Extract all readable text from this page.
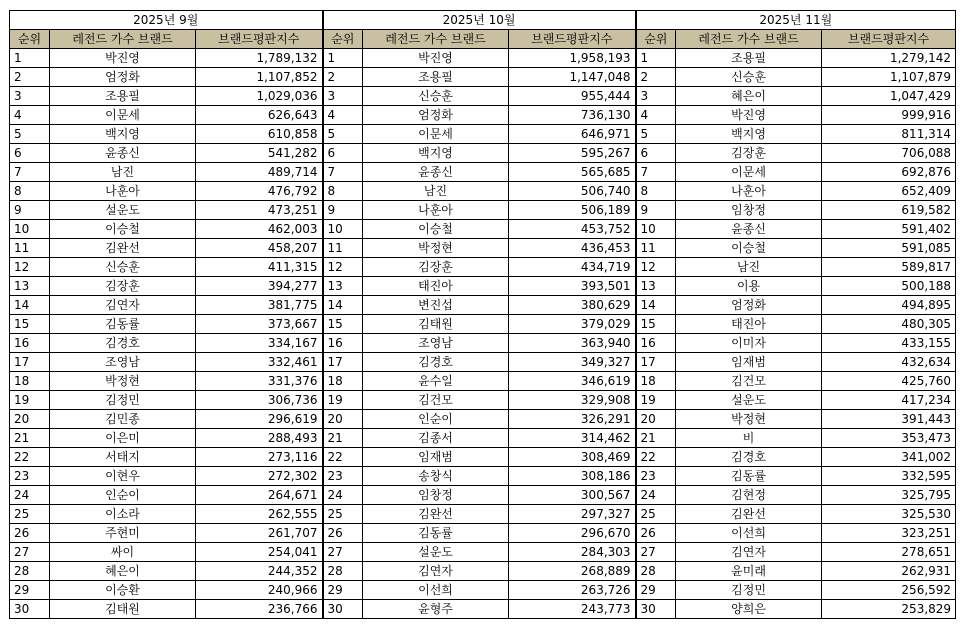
2025년 9월			2025년 10월			2025년 11월		
순위	레전드 가수 브랜드	브랜드평판지수	순위	레전드 가수 브랜드	브랜드평판지수	순위	레전드 가수 브랜드	브랜드평판지수
1	박진영	1,789,132	1	박진영	1,958,193	1	조용필	1,279,142
2	엄정화	1,107,852	2	조용필	1,147,048	2	신승훈	1,107,879
3	조용필	1,029,036	3	신승훈	955,444	3	혜은이	1,047,429
4	이문세	626,643	4	엄정화	736,130	4	박진영	999,916
5	백지영	610,858	5	이문세	646,971	5	백지영	811,314
6	윤종신	541,282	6	백지영	595,267	6	김장훈	706,088
7	남진	489,714	7	윤종신	565,685	7	이문세	692,876
8	나훈아	476,792	8	남진	506,740	8	나훈아	652,409
9	설운도	473,251	9	나훈아	506,189	9	임창정	619,582
10	이승철	462,003	10	이승철	453,752	10	윤종신	591,402
11	김완선	458,207	11	박정현	436,453	11	이승철	591,085
12	신승훈	411,315	12	김장훈	434,719	12	남진	589,817
13	김장훈	394,277	13	태진아	393,501	13	이용	500,188
14	김연자	381,775	14	변진섭	380,629	14	엄정화	494,895
15	김동률	373,667	15	김태원	379,029	15	태진아	480,305
16	김경호	334,167	16	조영남	363,940	16	이미자	433,155
17	조영남	332,461	17	김경호	349,327	17	임재범	432,634
18	박정현	331,376	18	윤수일	346,619	18	김건모	425,760
19	김정민	306,736	19	김건모	329,908	19	설운도	417,234
20	김민종	296,619	20	인순이	326,291	20	박정현	391,443
21	이은미	288,493	21	김종서	314,462	21	비	353,473
22	서태지	273,116	22	임재범	308,469	22	김경호	341,002
23	이현우	272,302	23	송창식	308,186	23	김동률	332,595
24	인순이	264,671	24	임창정	300,567	24	김현정	325,795
25	이소라	262,555	25	김완선	297,327	25	김완선	325,530
26	주현미	261,707	26	김동률	296,670	26	이선희	323,251
27	싸이	254,041	27	설운도	284,303	27	김연자	278,651
28	혜은이	244,352	28	김연자	268,889	28	윤미래	262,931
29	이승환	240,966	29	이선희	263,726	29	김정민	256,592
30	김태원	236,766	30	윤형주	243,773	30	양희은	253,829
